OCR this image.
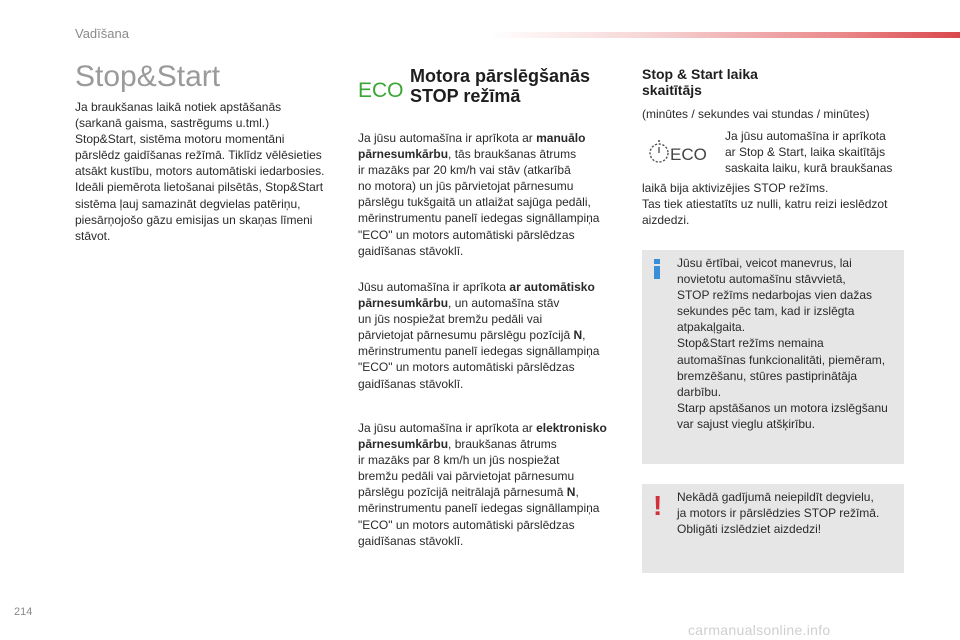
Vadīšana
Stop&Start
Ja braukšanas laikā notiek apstāšanās
(sarkanā gaisma, sastrēgums u.tml.)
Stop&Start, sistēma motoru momentāni
pārslēdz gaidīšanas režīmā. Tiklīdz vēlēsieties
atsākt kustību, motors automātiski iedarbosies.
Ideāli piemērota lietošanai pilsētās, Stop&Start
sistēma ļauj samazināt degvielas patēriņu,
piesārņojošo gāzu emisijas un skaņas līmeni
stāvot.
ECO
Motora pārslēgšanās
STOP režīmā
Ja jūsu automašīna ir aprīkota ar manuālo pārnesumkārbu, tās braukšanas ātrums
ir mazāks par 20 km/h vai stāv (atkarībā
no motora) un jūs pārvietojat pārnesumu
pārslēgu tukšgaitā un atlaižat sajūga pedāli,
mērinstrumentu panelī iedegas signāllampiņa
"ECO" un motors automātiski pārslēdzas
gaidīšanas stāvoklī.
Jūsu automašīna ir aprīkota ar automātisko pārnesumkārbu, un automašīna stāv
un jūs nospiežat bremžu pedāli vai
pārvietojat pārnesumu pārslēgu pozīcijā N,
mērinstrumentu panelī iedegas signāllampiņa
"ECO" un motors automātiski pārslēdzas
gaidīšanas stāvoklī.
Ja jūsu automašīna ir aprīkota ar elektronisko pārnesumkārbu, braukšanas ātrums
ir mazāks par 8 km/h un jūs nospiežat
bremžu pedāli vai pārvietojat pārnesumu
pārslēgu pozīcijā neitrālajā pārnesumā N,
mērinstrumentu panelī iedegas signāllampiņa
"ECO" un motors automātiski pārslēdzas
gaidīšanas stāvoklī.
Stop & Start laika
skaitītājs
(minūtes / sekundes vai stundas / minūtes)
ECO
Ja jūsu automašīna ir aprīkota
ar Stop & Start, laika skaitītājs
saskaita laiku, kurā braukšanas
laikā bija aktivizējies STOP režīms.
Tas tiek atiestatīts uz nulli, katru reizi ieslēdzot
aizdedzi.
Jūsu ērtībai, veicot manevrus, lai
novietotu automašīnu stāvvietā,
STOP režīms nedarbojas vien dažas
sekundes pēc tam, kad ir izslēgta
atpakaļgaita.
Stop&Start režīms nemaina
automašīnas funkcionalitāti, piemēram,
bremzēšanu, stūres pastiprinātāja
darbību.
Starp apstāšanos un motora izslēgšanu
var sajust vieglu atšķirību.
! Nekādā gadījumā neiepildīt degvielu,
ja motors ir pārslēdzies STOP režīmā.
Obligāti izslēdziet aizdedzi!
214
carmanualsonline.info
